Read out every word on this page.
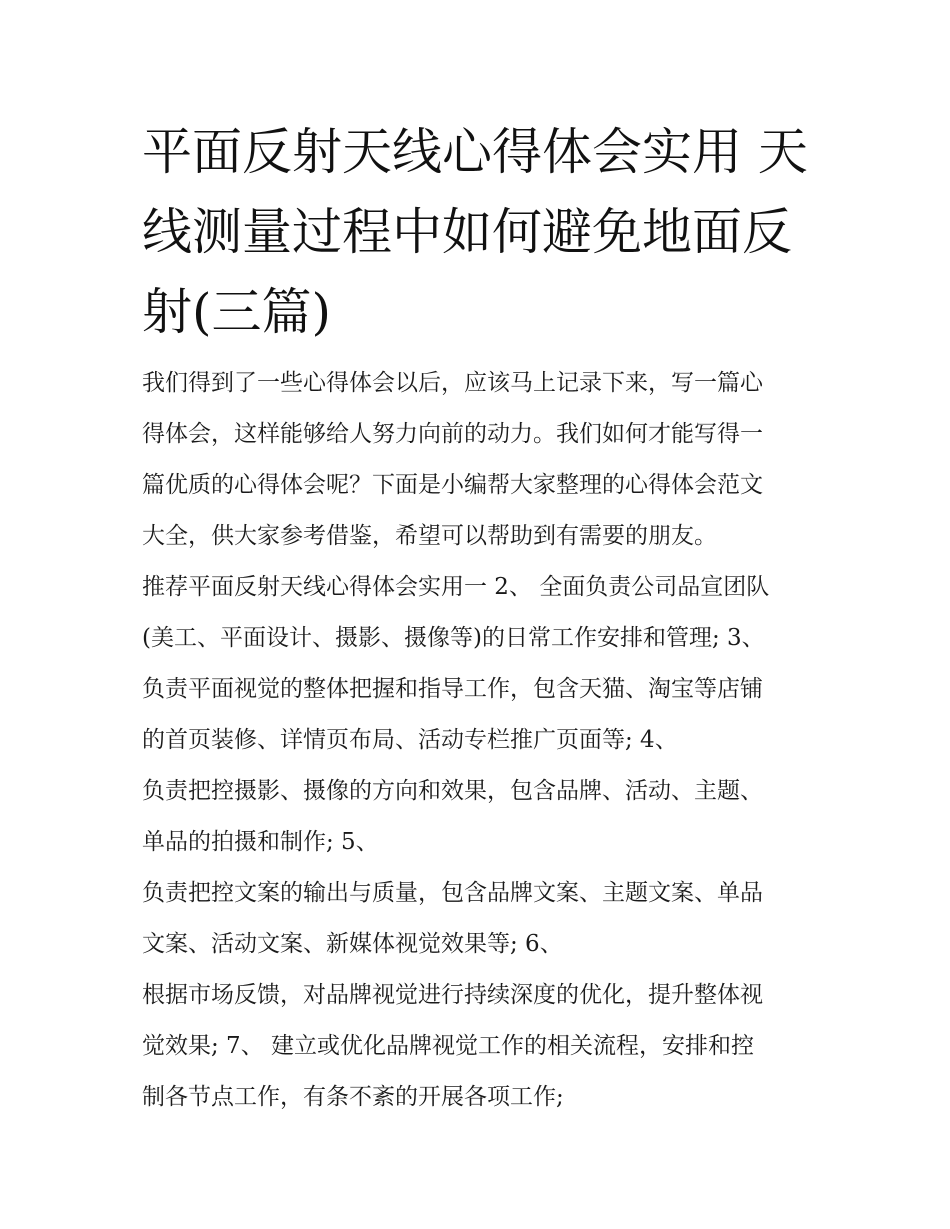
平面反射天线心得体会实用 天
线测量过程中如何避免地面反
射(三篇)

我们得到了一些心得体会以后，应该马上记录下来，写一篇心
得体会，这样能够给人努力向前的动力。我们如何才能写得一
篇优质的心得体会呢？下面是小编帮大家整理的心得体会范文
大全，供大家参考借鉴，希望可以帮助到有需要的朋友。

推荐平面反射天线心得体会实用一 2、 全面负责公司品宣团队
(美工、平面设计、摄影、摄像等)的日常工作安排和管理; 3、
负责平面视觉的整体把握和指导工作，包含天猫、淘宝等店铺
的首页装修、详情页布局、活动专栏推广页面等; 4、
负责把控摄影、摄像的方向和效果，包含品牌、活动、主题、
单品的拍摄和制作; 5、
负责把控文案的输出与质量，包含品牌文案、主题文案、单品
文案、活动文案、新媒体视觉效果等; 6、
根据市场反馈，对品牌视觉进行持续深度的优化，提升整体视
觉效果; 7、 建立或优化品牌视觉工作的相关流程，安排和控
制各节点工作，有条不紊的开展各项工作;
